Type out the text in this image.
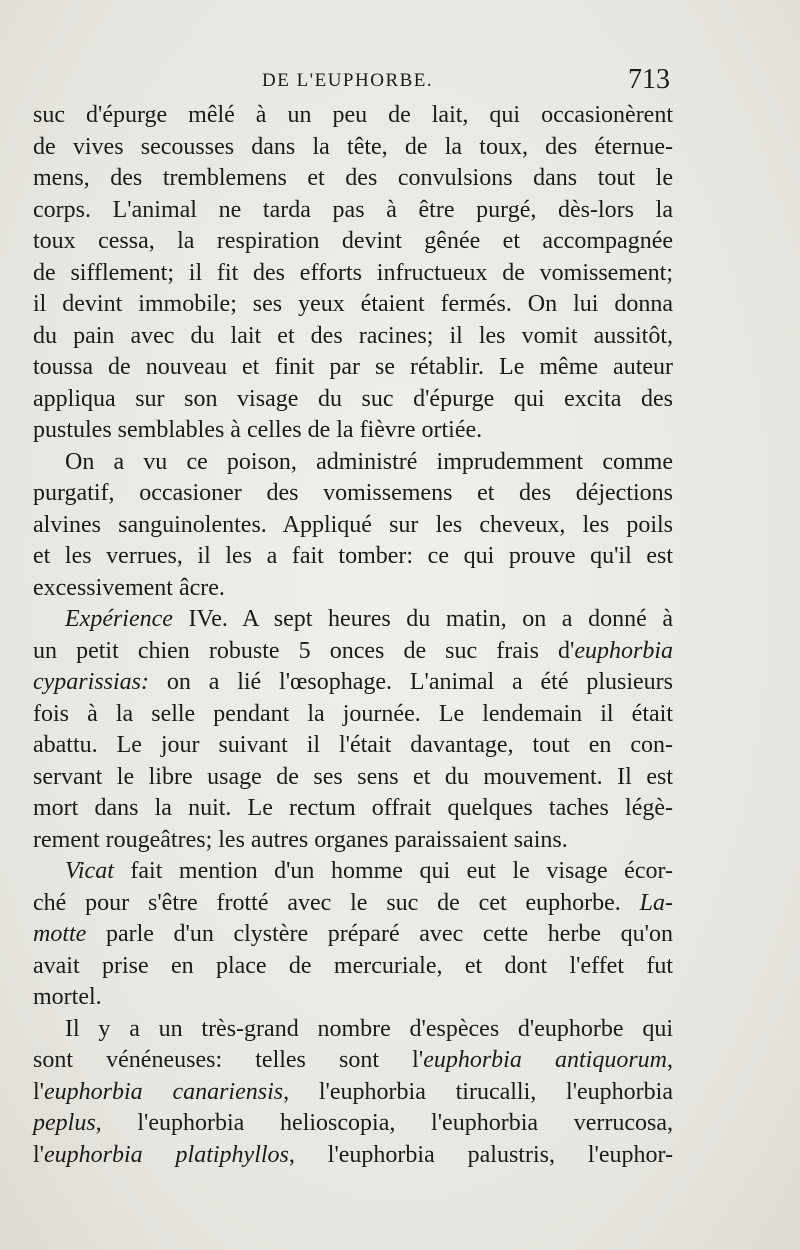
DE L'EUPHORBE.	713
suc d'épurge mêlé à un peu de lait, qui occasionèrent
de vives secousses dans la tête, de la toux, des éternue-
mens, des tremblemens et des convulsions dans tout le
corps. L'animal ne tarda pas à être purgé, dès-lors la
toux cessa, la respiration devint gênée et accompagnée
de sifflement; il fit des efforts infructueux de vomissement;
il devint immobile; ses yeux étaient fermés. On lui donna
du pain avec du lait et des racines; il les vomit aussitôt,
toussa de nouveau et finit par se rétablir. Le même auteur
appliqua sur son visage du suc d'épurge qui excita des
pustules semblables à celles de la fièvre ortiée.
On a vu ce poison, administré imprudemment comme
purgatif, occasioner des vomissemens et des déjections
alvines sanguinolentes. Appliqué sur les cheveux, les poils
et les verrues, il les a fait tomber: ce qui prouve qu'il est
excessivement âcre.
Expérience IVe. A sept heures du matin, on a donné à
un petit chien robuste 5 onces de suc frais d'euphorbia
cyparissias: on a lié l'œsophage. L'animal a été plusieurs
fois à la selle pendant la journée. Le lendemain il était
abattu. Le jour suivant il l'était davantage, tout en con-
servant le libre usage de ses sens et du mouvement. Il est
mort dans la nuit. Le rectum offrait quelques taches légè-
rement rougeâtres; les autres organes paraissaient sains.
Vicat fait mention d'un homme qui eut le visage écor-
ché pour s'être frotté avec le suc de cet euphorbe. La-
motte parle d'un clystère préparé avec cette herbe qu'on
avait prise en place de mercuriale, et dont l'effet fut
mortel.
Il y a un très-grand nombre d'espèces d'euphorbe qui
sont vénéneuses: telles sont l'euphorbia antiquorum,
l'euphorbia canariensis, l'euphorbia tirucalli, l'euphorbia
peplus, l'euphorbia helioscopia, l'euphorbia verrucosa,
l'euphorbia platiphyllos, l'euphorbia palustris, l'euphor-
